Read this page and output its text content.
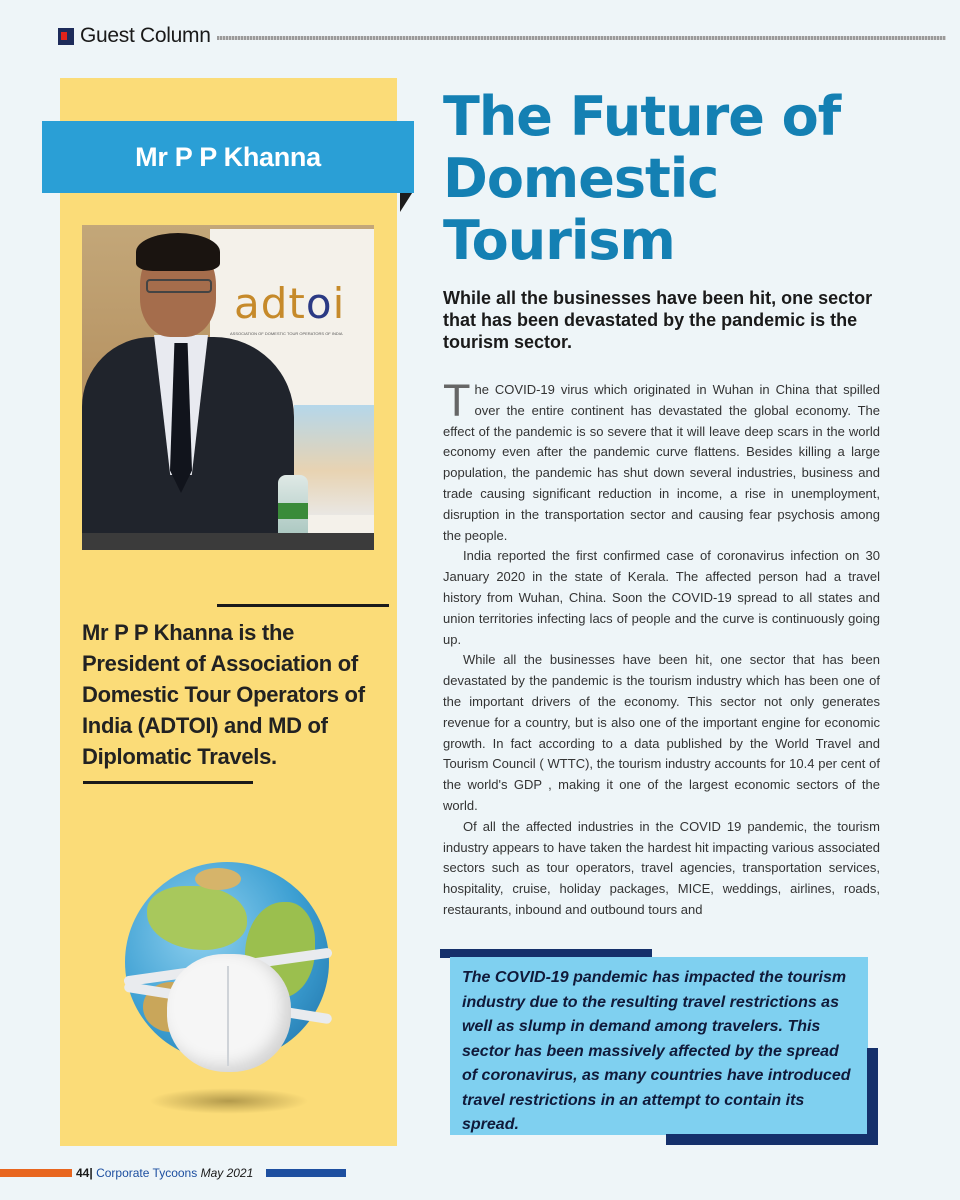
Guest Column
Mr P P Khanna
adtoi
ASSOCIATION OF DOMESTIC TOUR OPERATORS OF INDIA
Mr P P Khanna is the President of Association of Domestic Tour Operators of India (ADTOI) and MD of Diplomatic Travels.
The Future of Domestic Tourism
While all the businesses have been hit, one sector that has been devastated by the pandemic is the tourism sector.

The COVID-19 virus which originated in Wuhan in China that spilled over the entire continent has devastated the global economy. The effect of the pandemic is so severe that it will leave deep scars in the world economy even after the pandemic curve flattens. Besides killing a large population, the pandemic has shut down several industries, business and trade causing significant reduction in income, a rise in unemployment, disruption in the transportation sector and causing fear psychosis among the people.

India reported the first confirmed case of coronavirus infection on 30 January 2020 in the state of Kerala. The affected person had a travel history from Wuhan, China. Soon the COVID-19 spread to all states and union territories infecting lacs of people and the curve is continuously going up.

While all the businesses have been hit, one sector that has been devastated by the pandemic is the tourism industry which has been one of the important drivers of the economy. This sector not only generates revenue for a country, but is also one of the important engine for economic growth. In fact according to a data published by the World Travel and Tourism Council ( WTTC), the tourism industry accounts for 10.4 per cent of the world's GDP , making it one of the largest economic sectors of the world.

Of all the affected industries in the COVID 19 pandemic, the tourism industry appears to have taken the hardest hit impacting various associated sectors such as tour operators, travel agencies, transportation services, hospitality, cruise, holiday packages, MICE, weddings, airlines, roads, restaurants, inbound and outbound tours and

The COVID-19 pandemic has impacted the tourism industry due to the resulting travel restrictions as well as slump in demand among travelers. This sector has been massively affected by the spread of coronavirus, as many countries have introduced travel restrictions in an attempt to contain its spread.
44| Corporate Tycoons May 2021
